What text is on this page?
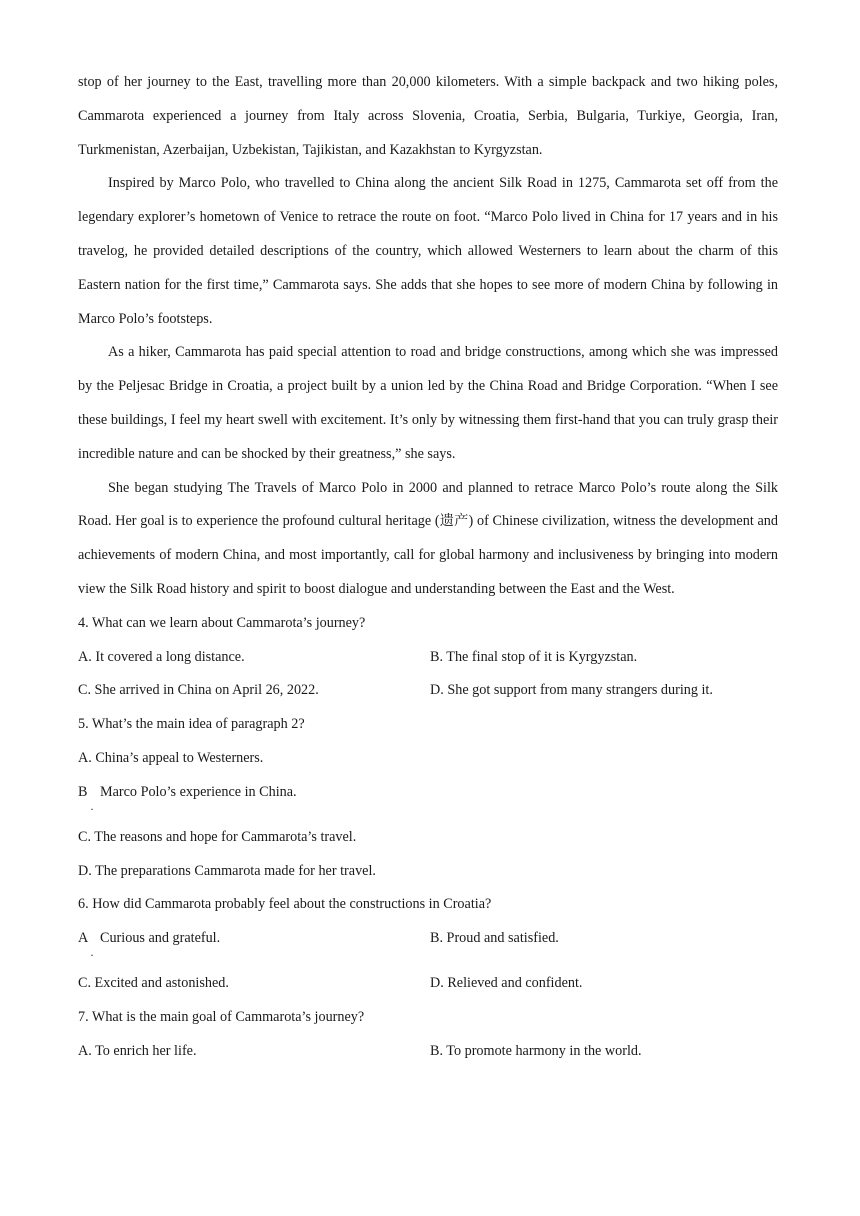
stop of her journey to the East, travelling more than 20,000 kilometers. With a simple backpack and two hiking poles, Cammarota experienced a journey from Italy across Slovenia, Croatia, Serbia, Bulgaria, Turkiye, Georgia, Iran, Turkmenistan, Azerbaijan, Uzbekistan, Tajikistan, and Kazakhstan to Kyrgyzstan.

Inspired by Marco Polo, who travelled to China along the ancient Silk Road in 1275, Cammarota set off from the legendary explorer’s hometown of Venice to retrace the route on foot. “Marco Polo lived in China for 17 years and in his travelog, he provided detailed descriptions of the country, which allowed Westerners to learn about the charm of this Eastern nation for the first time,” Cammarota says. She adds that she hopes to see more of modern China by following in Marco Polo’s footsteps.

As a hiker, Cammarota has paid special attention to road and bridge constructions, among which she was impressed by the Peljesac Bridge in Croatia, a project built by a union led by the China Road and Bridge Corporation. “When I see these buildings, I feel my heart swell with excitement. It’s only by witnessing them first-hand that you can truly grasp their incredible nature and can be shocked by their greatness,” she says.

She began studying The Travels of Marco Polo in 2000 and planned to retrace Marco Polo’s route along the Silk Road. Her goal is to experience the profound cultural heritage (遗产) of Chinese civilization, witness the development and achievements of modern China, and most importantly, call for global harmony and inclusiveness by bringing into modern view the Silk Road history and spirit to boost dialogue and understanding between the East and the West.

4. What can we learn about Cammarota’s journey?
A. It covered a long distance.	B. The final stop of it is Kyrgyzstan.
C. She arrived in China on April 26, 2022.	D. She got support from many strangers during it.
5. What’s the main idea of paragraph 2?
A. China’s appeal to Westerners.
B Marco Polo’s experience in China.
·
C. The reasons and hope for Cammarota’s travel.
D. The preparations Cammarota made for her travel.
6. How did Cammarota probably feel about the constructions in Croatia?
A Curious and grateful.
·
B. Proud and satisfied.
C. Excited and astonished.	D. Relieved and confident.
7. What is the main goal of Cammarota’s journey?
A. To enrich her life.	B. To promote harmony in the world.
